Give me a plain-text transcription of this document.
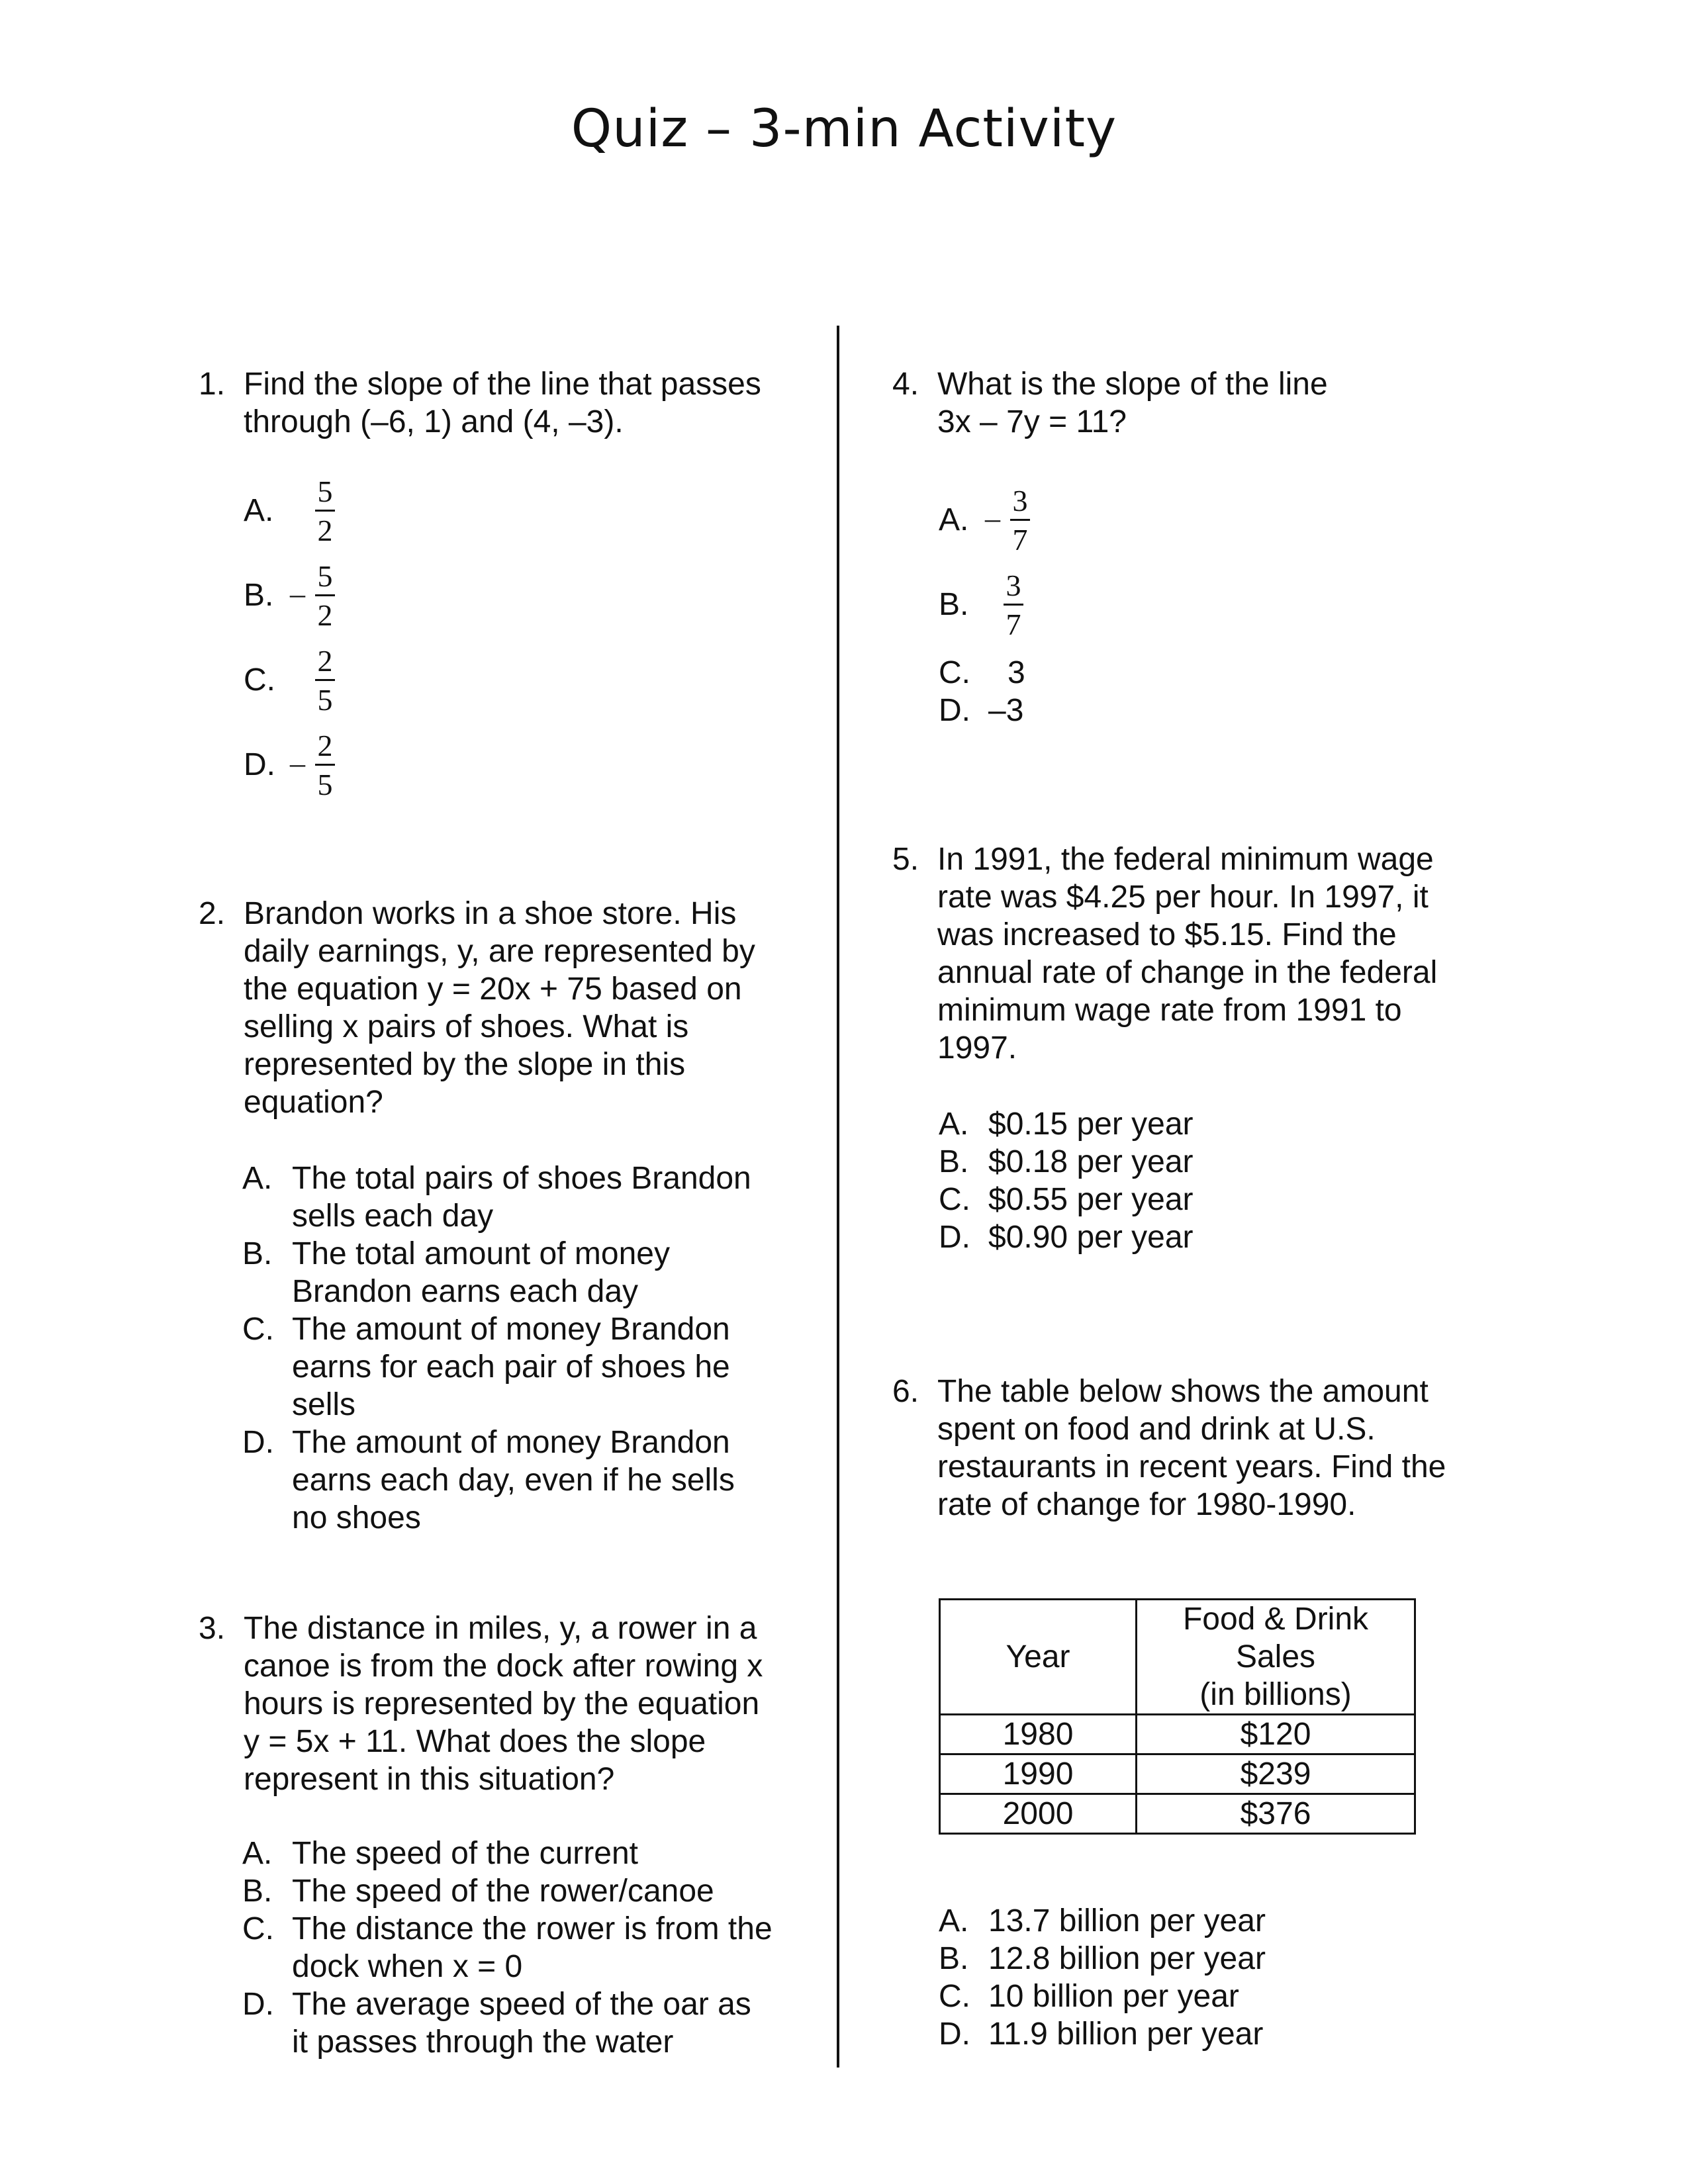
Quiz – 3-min Activity
1. Find the slope of the line that passes
through (–6, 1) and (4, –3).
A.
5
2
B. –
5
2
C.
2
5
D. –
2
5
2. Brandon works in a shoe store. His
daily earnings, y, are represented by
the equation y = 20x + 75 based on
selling x pairs of shoes. What is
represented by the slope in this
equation?
A. The total pairs of shoes Brandon
sells each day
B. The total amount of money
Brandon earns each day
C. The amount of money Brandon
earns for each pair of shoes he
sells
D. The amount of money Brandon
earns each day, even if he sells
no shoes
3. The distance in miles, y, a rower in a
canoe is from the dock after rowing x
hours is represented by the equation
y = 5x + 11. What does the slope
represent in this situation?
A. The speed of the current
B. The speed of the rower/canoe
C. The distance the rower is from the
dock when x = 0
D. The average speed of the oar as
it passes through the water
4. What is the slope of the line
3x – 7y = 11?
A. –
3
7
B.
3
7
C. 3
D. –3
5. In 1991, the federal minimum wage
rate was $4.25 per hour. In 1997, it
was increased to $5.15. Find the
annual rate of change in the federal
minimum wage rate from 1991 to
1997.
A. $0.15 per year
B. $0.18 per year
C. $0.55 per year
D. $0.90 per year
6. The table below shows the amount
spent on food and drink at U.S.
restaurants in recent years. Find the
rate of change for 1980-1990.
Year	Food & Drink
Sales
(in billions)

1980	$120
1990	$239
2000	$376
A. 13.7 billion per year
B. 12.8 billion per year
C. 10 billion per year
D. 11.9 billion per year
